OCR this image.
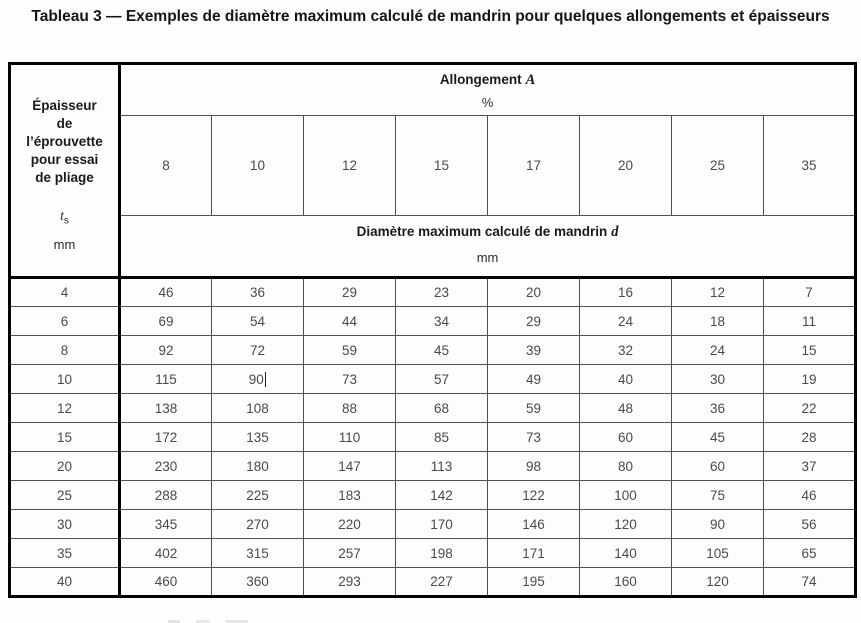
Tableau 3 — Exemples de diamètre maximum calculé de mandrin pour quelques allongements et épaisseurs
Épaisseur
de
l’éprouvette
pour essai
de pliage
$t_s$
mm

Allongement A
%

	8	10	12	15	17	20	25	35

	Diamètre maximum calculé de mandrin d
mm							

4	46	36	29	23	20	16	12	7
6	69	54	44	34	29	24	18	11
8	92	72	59	45	39	32	24	15
10	115	90	73	57	49	40	30	19
12	138	108	88	68	59	48	36	22
15	172	135	110	85	73	60	45	28
20	230	180	147	113	98	80	60	37
25	288	225	183	142	122	100	75	46
30	345	270	220	170	146	120	90	56
35	402	315	257	198	171	140	105	65
40	460	360	293	227	195	160	120	74
